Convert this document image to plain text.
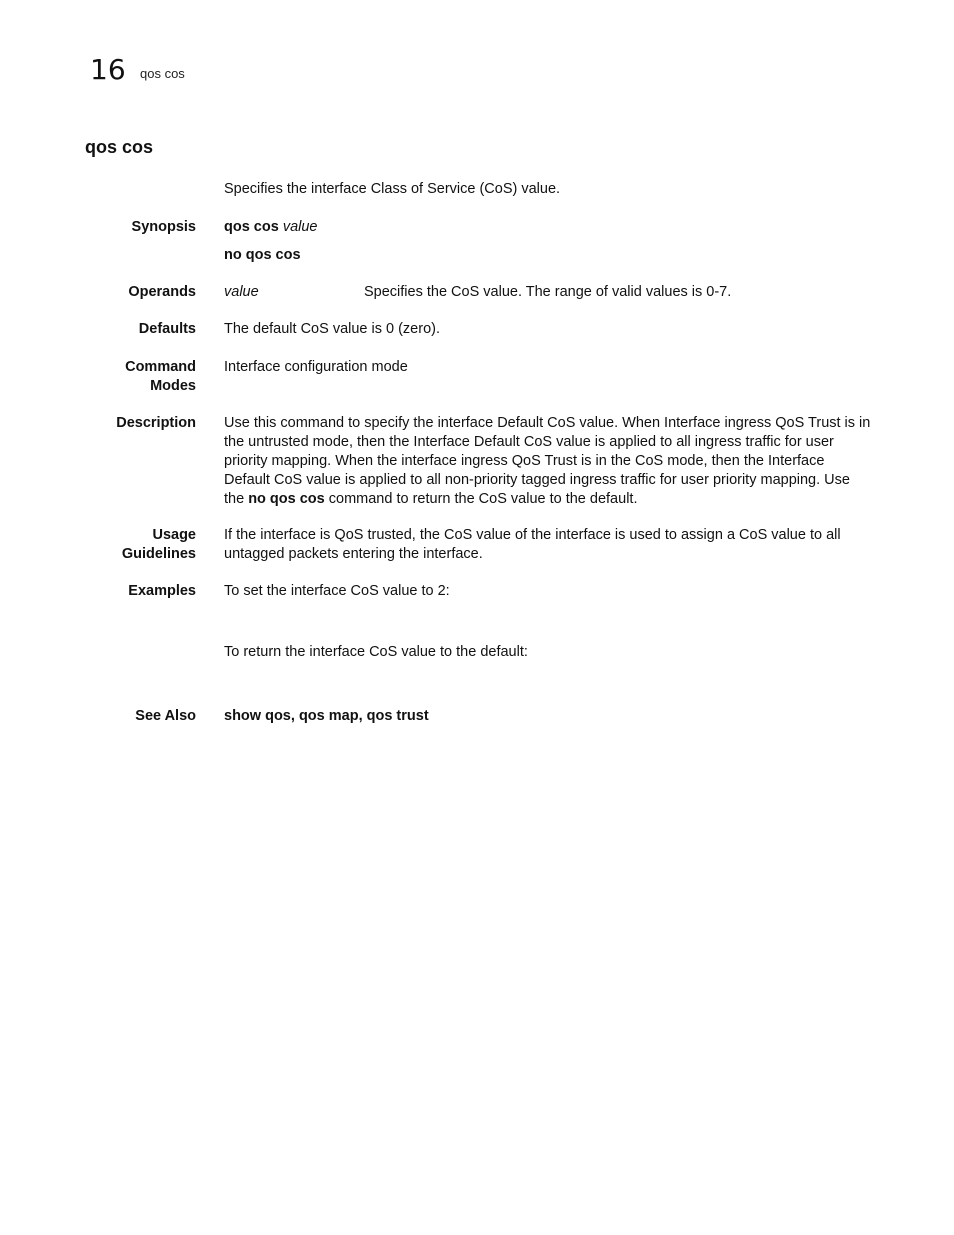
16 qos cos
qos cos
Specifies the interface Class of Service (CoS) value.
Synopsis qos cos value
no qos cos
Operands value	Specifies the CoS value. The range of valid values is 0-7.
Defaults The default CoS value is 0 (zero).
Command
Modes
Interface configuration mode
Description Use this command to specify the interface Default CoS value. When Interface ingress QoS Trust is in the untrusted mode, then the Interface Default CoS value is applied to all ingress traffic for user priority mapping. When the interface ingress QoS Trust is in the CoS mode, then the Interface Default CoS value is applied to all non-priority tagged ingress traffic for user priority mapping. Use the no qos cos command to return the CoS value to the default.
Usage
Guidelines
If the interface is QoS trusted, the CoS value of the interface is used to assign a CoS value to all untagged packets entering the interface.
Examples To set the interface CoS value to 2:
To return the interface CoS value to the default:
See Also show qos, qos map, qos trust
